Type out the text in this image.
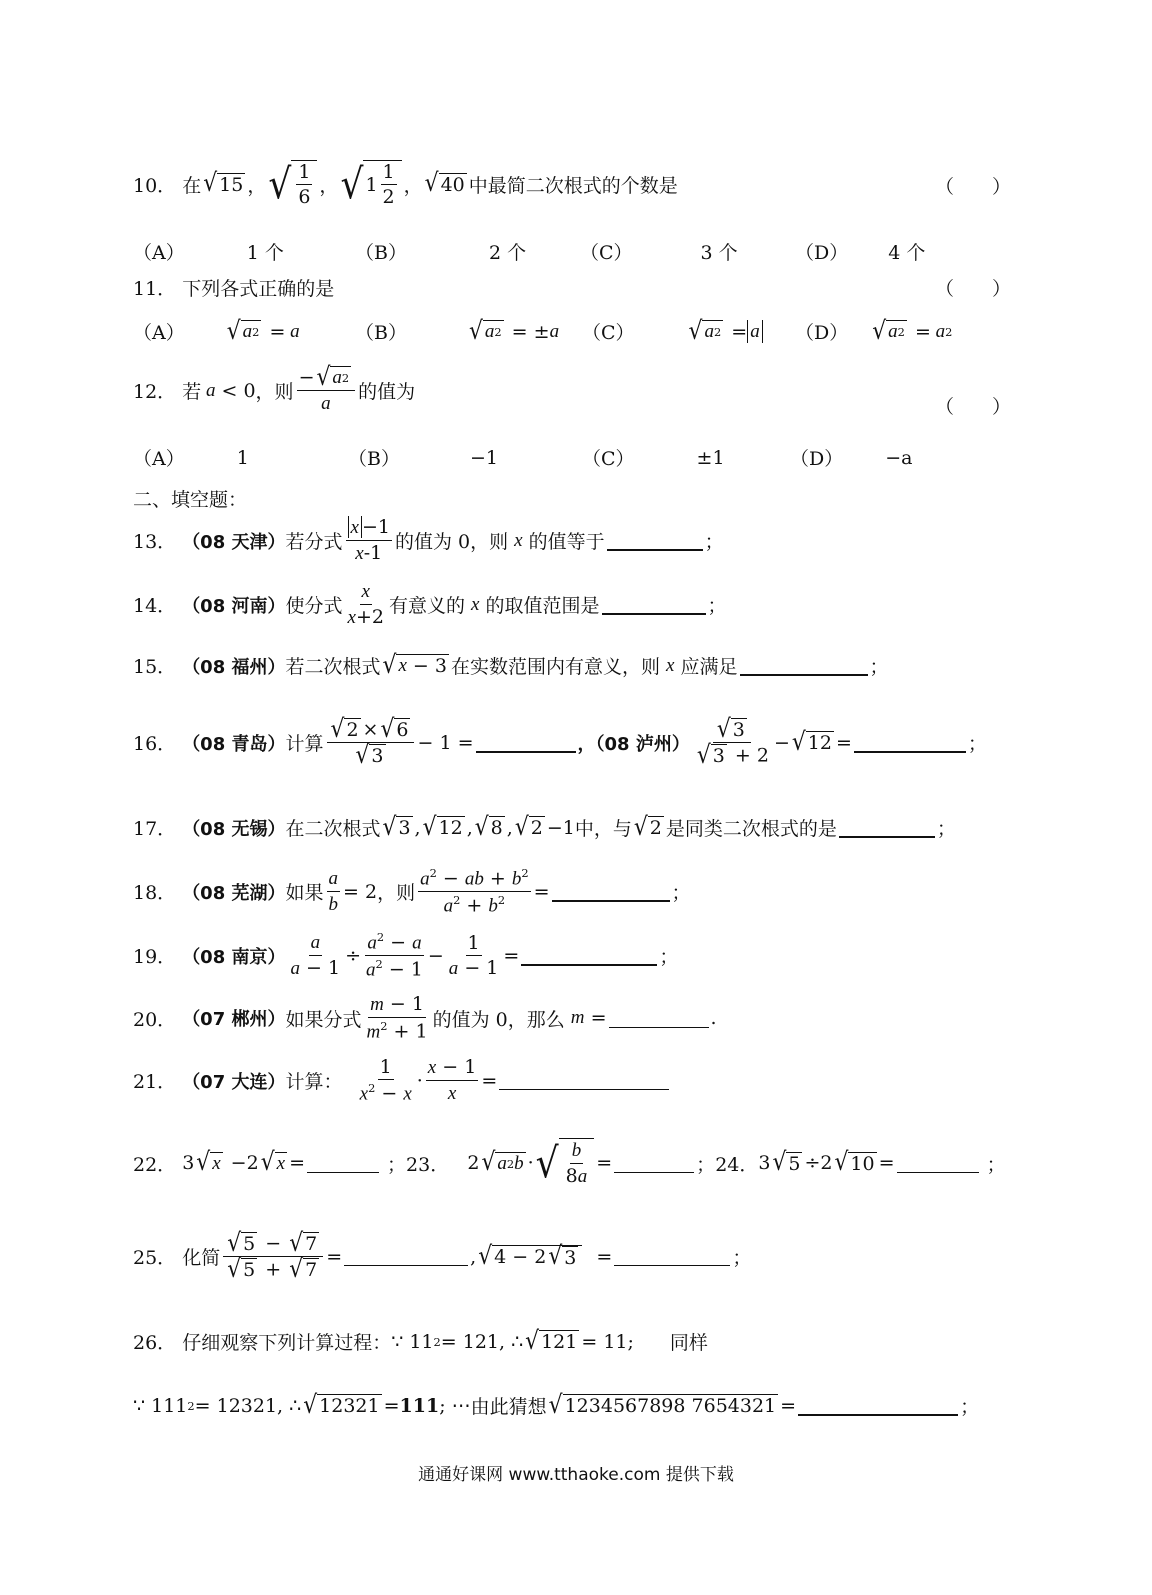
10． 在 √ 15 ， √ $\frac{1}{6}$ ， √ $1 \frac{1}{2}$ ， √ 40 中最简二次根式的个数是	（　　）
（A）	1 个	（B）	2 个	（C）	3 个	（D） 4 个
11． 下列各式正确的是	（　　）
（A） √ a 2 = a	（B）	√ a 2 = ± a （C） √ a 2 = a （D） √ a 2 = a 2
12． 若 a < 0 ，则 $\frac{- √ a 2}{a}$ 的值为
（　　）
（A）	1	（B）	−1	（C）	±1	（D） −a
二、填空题：
13． （08 天津） 若分式 $\frac{x -1}{x-1}$ 的值为 0，则
x
的值等于	；
14． （08 河南） 使分式 $\frac{x}{x+2}$ 有意义的
x
的取值范围是	；
15． （08 福州） 若二次根式 √ x − 3 在实数范围内有意义，则
x
应满足	；
16． （08 青岛） 计算 $\frac{√ 2 \times √ 6}{√ 3} - 1$ =	，（08 泸州） $\frac{√ 3}{√ 3 + 2}$ − √ 12 =	；
17． （08 无锡） 在二次根式 √ 3 , √ 12 , √ 8 , √ 2 −1 中，与 √ 2 是同类二次根式的是	；
18． （08 芜湖） 如果 $\frac{a}{b} = 2$ ，则 $\frac{a^2 - ab + b^2}{a^2 + b^2}$ =	；
19． （08 南京） $\frac{a}{a - 1} \div \frac{a^2 - a}{a^2 - 1} - \frac{1}{a - 1}$ =	；
20． （07 郴州） 如果分式 $\frac{m - 1}{m^2 + 1}$ 的值为 0，那么
m =	.
21． （07 大连） 计算：
$\frac{1}{x^2 - x} \cdot \frac{x - 1}{x}$ =
22． 3 √ x −2 √ x =	； 23． 2 √ a 2 b · √ $\frac{b}{8a}$ =	； 24． 3 √ 5 ÷2 √ 10 =	；
25． 化简 $\frac{√ 5 - √ 7}{√ 5 + √ 7}$ =	, √ 4 − 2 √ 3 =	；
26． 仔细观察下列计算过程： ∵ 11 2 = 121, ∴ √ 121 = 11; 同样
∵ 111 2 = 12321, ∴ √ 12321 = 111 ; ⋯ 由此猜想 √ 1234567898 7654321 =	；
通通好课网 www.tthaoke.com 提供下载
